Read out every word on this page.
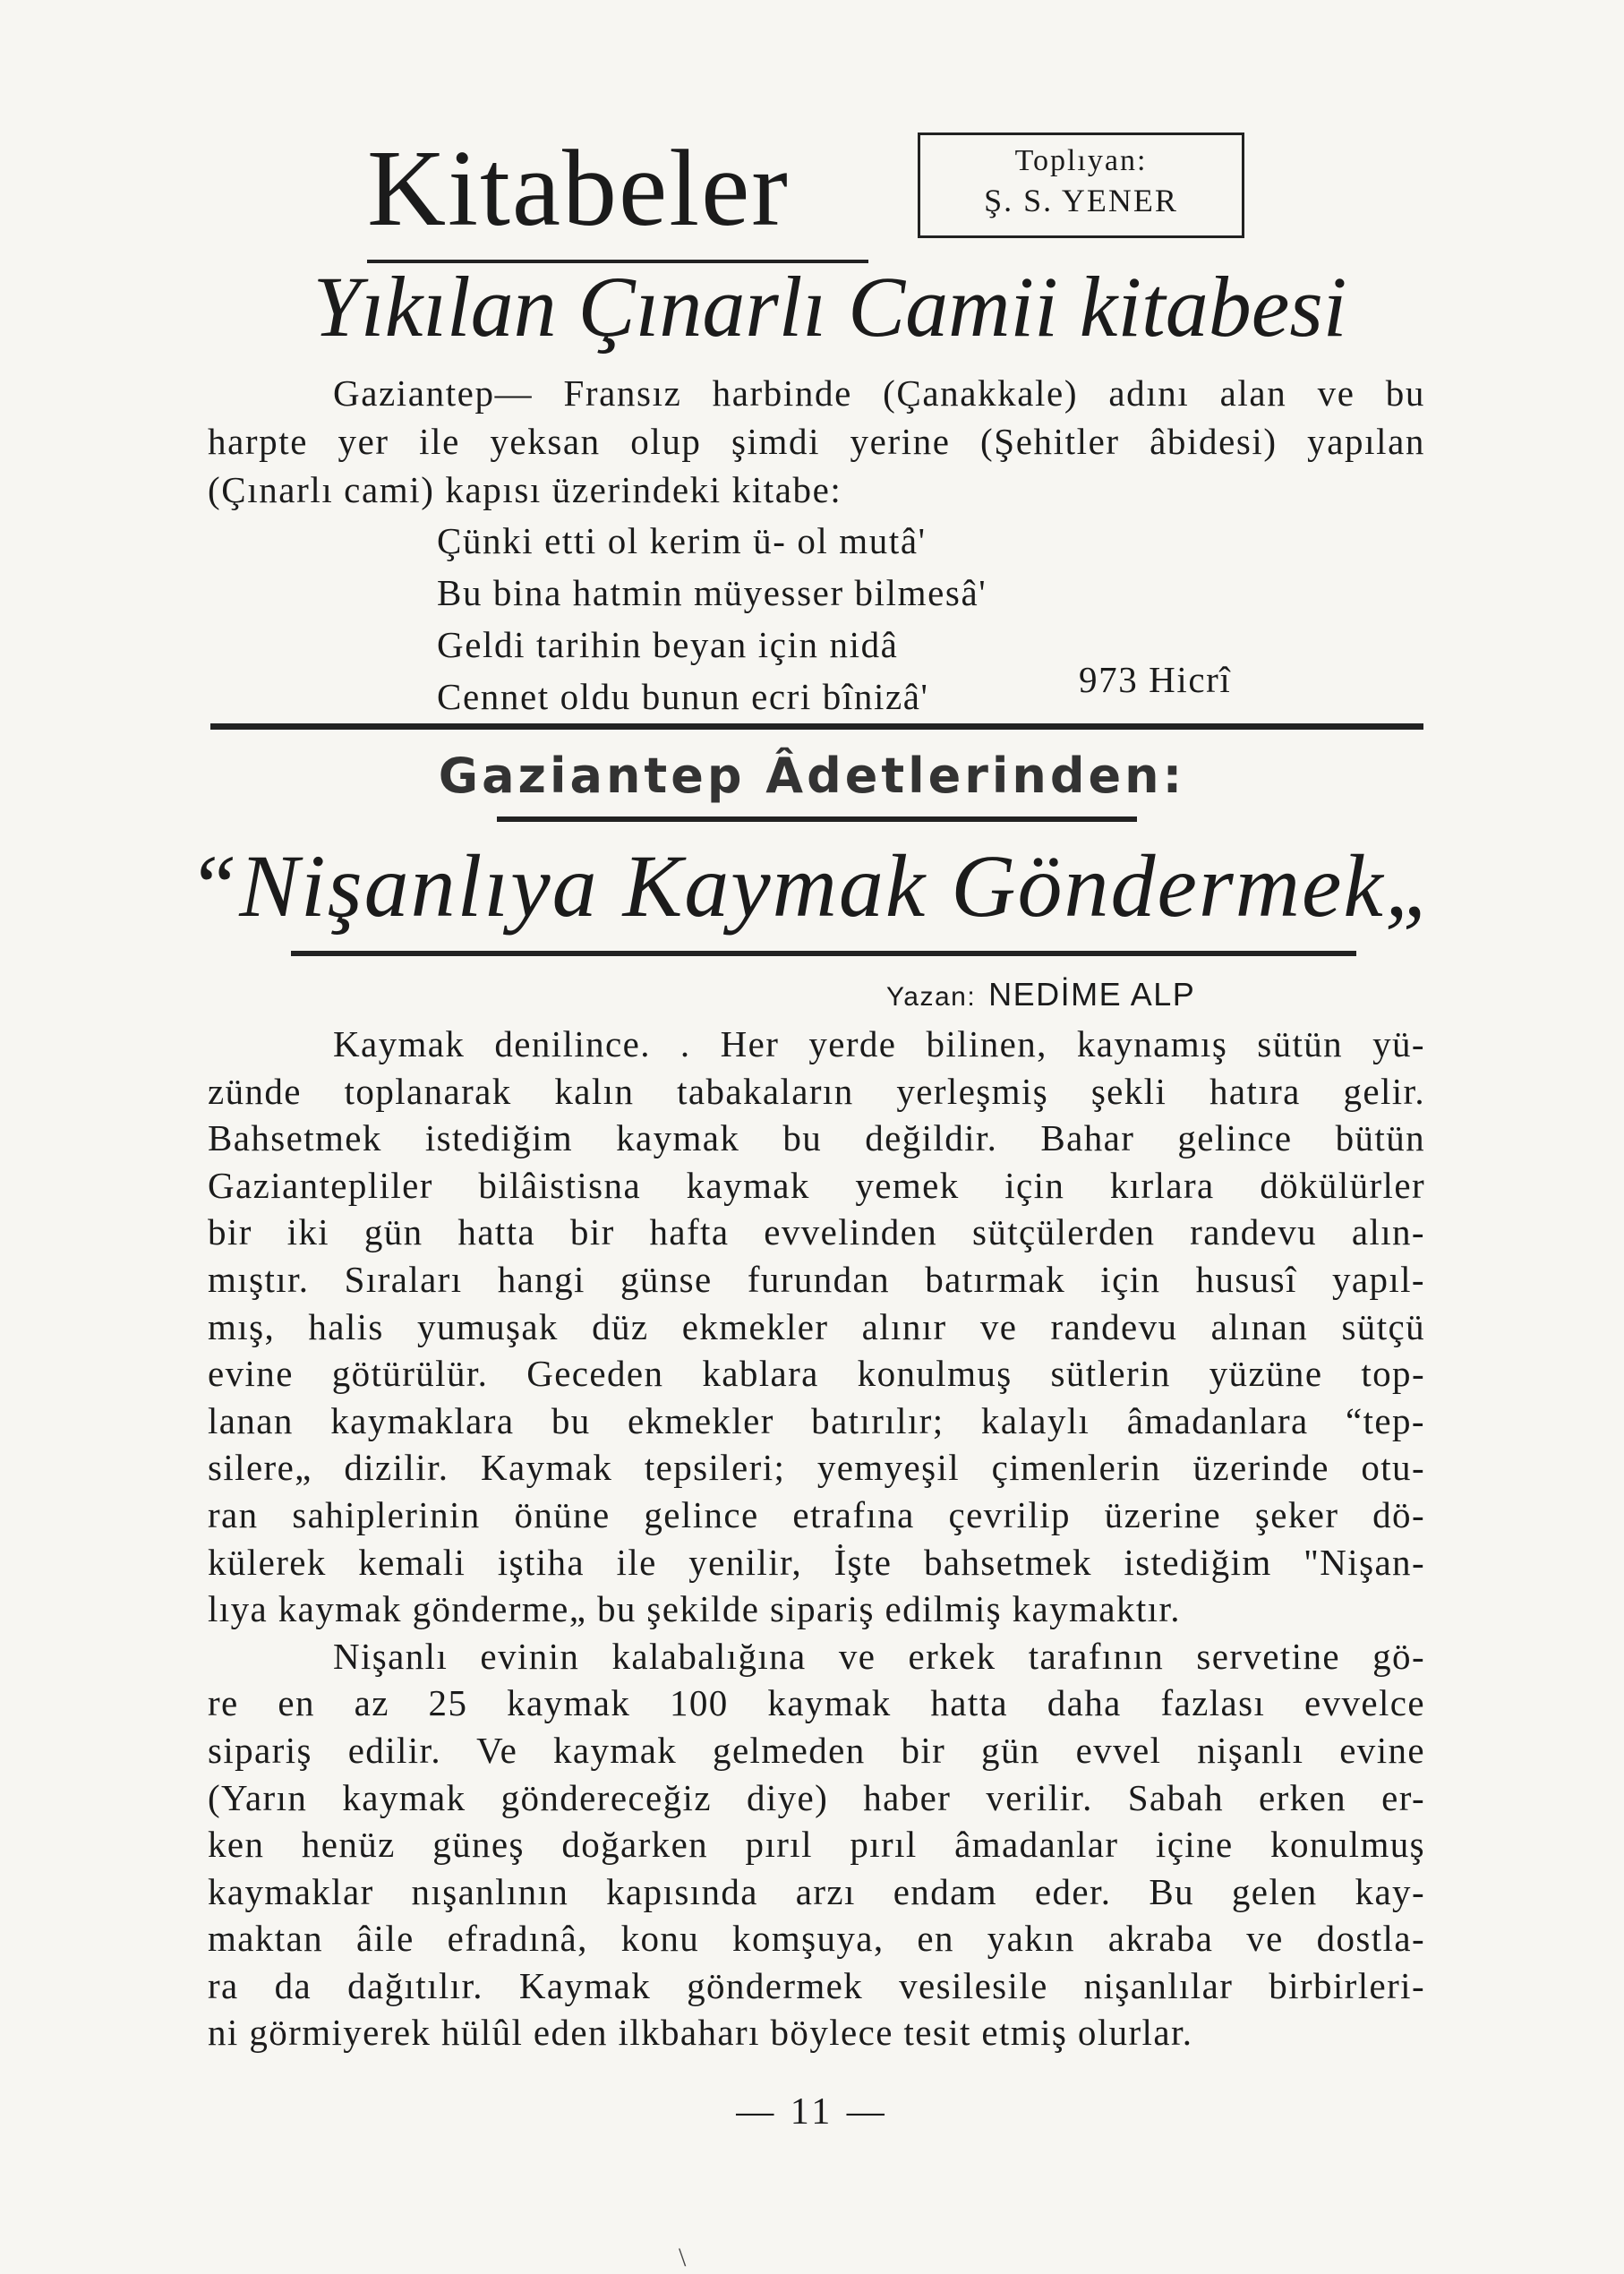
Kitabeler	Toplıyan:
Ş. S. YENER
Yıkılan Çınarlı Camii kitabesi
Gaziantep— Fransız harbinde (Çanakkale) adını alan ve bu
harpte yer ile yeksan olup şimdi yerine (Şehitler âbidesi) yapılan
(Çınarlı cami) kapısı üzerindeki kitabe:
Çünki etti ol kerim ü- ol mutâ'
Bu bina hatmin müyesser bilmesâ'
Geldi tarihin beyan için nidâ
Cennet oldu bunun ecri bînizâ'	973 Hicrî
Gaziantep Âdetlerinden:
“Nişanlıya Kaymak Göndermek„
Yazan: NEDİME ALP
Kaymak denilince. . Her yerde bilinen, kaynamış sütün yü-
zünde toplanarak kalın tabakaların yerleşmiş şekli hatıra gelir.
Bahsetmek istediğim kaymak bu değildir. Bahar gelince bütün
Gaziantepliler bilâistisna kaymak yemek için kırlara dökülürler
bir iki gün hatta bir hafta evvelinden sütçülerden randevu alın-
mıştır. Sıraları hangi günse furundan batırmak için hususî yapıl-
mış, halis yumuşak düz ekmekler alınır ve randevu alınan sütçü
evine götürülür. Geceden kablara konulmuş sütlerin yüzüne top-
lanan kaymaklara bu ekmekler batırılır; kalaylı âmadanlara “tep-
silere„ dizilir. Kaymak tepsileri; yemyeşil çimenlerin üzerinde otu-
ran sahiplerinin önüne gelince etrafına çevrilip üzerine şeker dö-
külerek kemali iştiha ile yenilir, İşte bahsetmek istediğim "Nişan-
lıya kaymak gönderme„ bu şekilde sipariş edilmiş kaymaktır.
Nişanlı evinin kalabalığına ve erkek tarafının servetine gö-
re en az 25 kaymak 100 kaymak hatta daha fazlası evvelce
sipariş edilir. Ve kaymak gelmeden bir gün evvel nişanlı evine
(Yarın kaymak göndereceğiz diye) haber verilir. Sabah erken er-
ken henüz güneş doğarken pırıl pırıl âmadanlar içine konulmuş
kaymaklar nışanlının kapısında arzı endam eder. Bu gelen kay-
maktan âile efradınâ, konu komşuya, en yakın akraba ve dostla-
ra da dağıtılır. Kaymak göndermek vesilesile nişanlılar birbirleri-
ni görmiyerek hülûl eden ilkbaharı böylece tesit etmiş olurlar.
— 11 —
\
